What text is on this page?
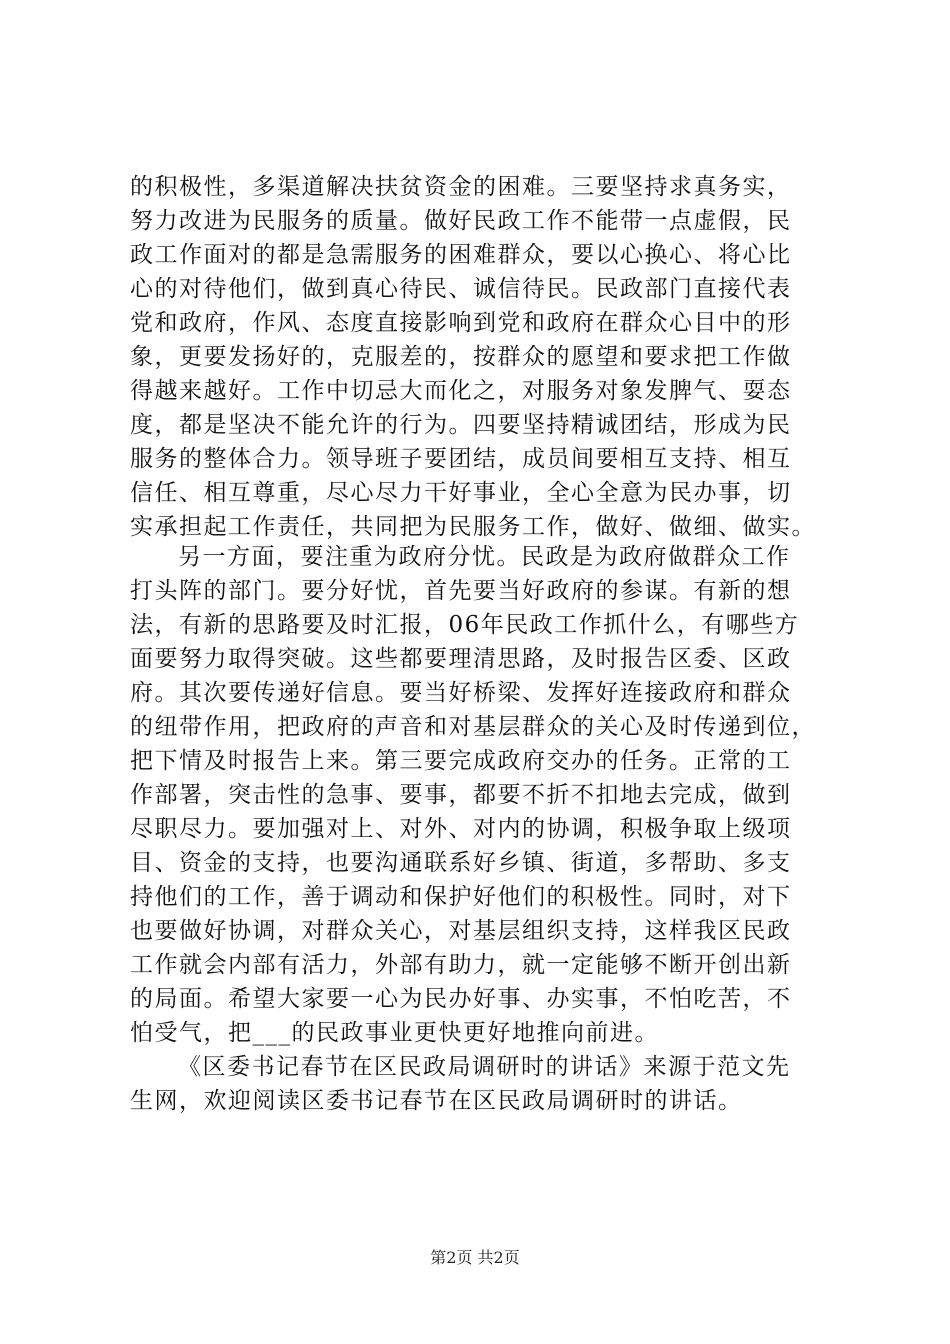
的积极性，多渠道解决扶贫资金的困难。三要坚持求真务实，
努力改进为民服务的质量。做好民政工作不能带一点虚假，民
政工作面对的都是急需服务的困难群众，要以心换心、将心比
心的对待他们，做到真心待民、诚信待民。民政部门直接代表
党和政府，作风、态度直接影响到党和政府在群众心目中的形
象，更要发扬好的，克服差的，按群众的愿望和要求把工作做
得越来越好。工作中切忌大而化之，对服务对象发脾气、耍态
度，都是坚决不能允许的行为。四要坚持精诚团结，形成为民
服务的整体合力。领导班子要团结，成员间要相互支持、相互
信任、相互尊重，尽心尽力干好事业，全心全意为民办事，切
实承担起工作责任，共同把为民服务工作，做好、做细、做实。
另一方面，要注重为政府分忧。民政是为政府做群众工作
打头阵的部门。要分好忧，首先要当好政府的参谋。有新的想
法，有新的思路要及时汇报，06年民政工作抓什么，有哪些方
面要努力取得突破。这些都要理清思路，及时报告区委、区政
府。其次要传递好信息。要当好桥梁、发挥好连接政府和群众
的纽带作用，把政府的声音和对基层群众的关心及时传递到位，
把下情及时报告上来。第三要完成政府交办的任务。正常的工
作部署，突击性的急事、要事，都要不折不扣地去完成，做到
尽职尽力。要加强对上、对外、对内的协调，积极争取上级项
目、资金的支持，也要沟通联系好乡镇、街道，多帮助、多支
持他们的工作，善于调动和保护好他们的积极性。同时，对下
也要做好协调，对群众关心，对基层组织支持，这样我区民政
工作就会内部有活力，外部有助力，就一定能够不断开创出新
的局面。希望大家要一心为民办好事、办实事，不怕吃苦，不
怕受气，把___的民政事业更快更好地推向前进。
《区委书记春节在区民政局调研时的讲话》来源于范文先
生网，欢迎阅读区委书记春节在区民政局调研时的讲话。
第2页 共2页
